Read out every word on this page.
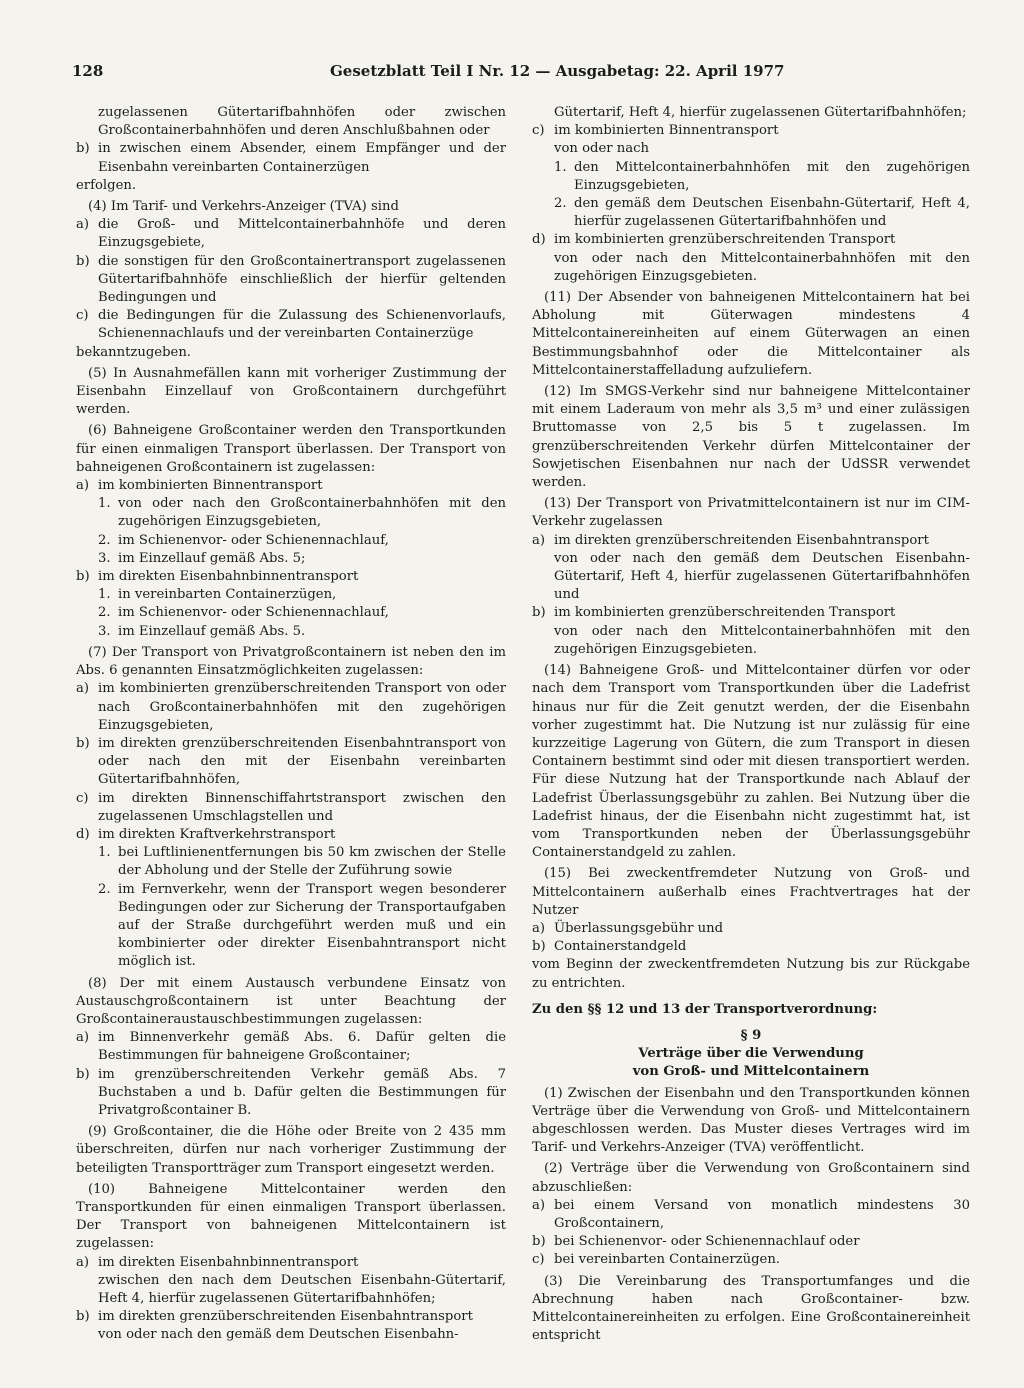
128	Gesetzblatt Teil I Nr. 12 — Ausgabetag: 22. April 1977

zugelassenen Gütertarifbahnhöfen oder zwischen Großcontainerbahnhöfen und deren Anschlußbahnen oder

b) in zwischen einem Absender, einem Empfänger und der Eisenbahn vereinbarten Containerzügen

erfolgen.

(4) Im Tarif- und Verkehrs-Anzeiger (TVA) sind

a) die Groß- und Mittelcontainerbahnhöfe und deren Einzugsgebiete,
b) die sonstigen für den Großcontainertransport zugelassenen Gütertarifbahnhöfe einschließlich der hierfür geltenden Bedingungen und
c) die Bedingungen für die Zulassung des Schienenvorlaufs, Schienennachlaufs und der vereinbarten Containerzüge

bekanntzugeben.

(5) In Ausnahmefällen kann mit vorheriger Zustimmung der Eisenbahn Einzellauf von Großcontainern durchgeführt werden.

(6) Bahneigene Großcontainer werden den Transportkunden für einen einmaligen Transport überlassen. Der Transport von bahneigenen Großcontainern ist zugelassen:

a) im kombinierten Binnentransport
1. von oder nach den Großcontainerbahnhöfen mit den zugehörigen Einzugsgebieten,
2. im Schienenvor- oder Schienennachlauf,
3. im Einzellauf gemäß Abs. 5;
b) im direkten Eisenbahnbinnentransport
1. in vereinbarten Containerzügen,
2. im Schienenvor- oder Schienennachlauf,
3. im Einzellauf gemäß Abs. 5.

(7) Der Transport von Privatgroßcontainern ist neben den im Abs. 6 genannten Einsatzmöglichkeiten zugelassen:

a) im kombinierten grenzüberschreitenden Transport von oder nach Großcontainerbahnhöfen mit den zugehörigen Einzugsgebieten,
b) im direkten grenzüberschreitenden Eisenbahntransport von oder nach den mit der Eisenbahn vereinbarten Gütertarifbahnhöfen,
c) im direkten Binnenschiffahrtstransport zwischen den zugelassenen Umschlagstellen und
d) im direkten Kraftverkehrstransport
1. bei Luftlinienentfernungen bis 50 km zwischen der Stelle der Abholung und der Stelle der Zuführung sowie
2. im Fernverkehr, wenn der Transport wegen besonderer Bedingungen oder zur Sicherung der Transportaufgaben auf der Straße durchgeführt werden muß und ein kombinierter oder direkter Eisenbahntransport nicht möglich ist.

(8) Der mit einem Austausch verbundene Einsatz von Austauschgroßcontainern ist unter Beachtung der Großcontaineraustauschbestimmungen zugelassen:

a) im Binnenverkehr gemäß Abs. 6. Dafür gelten die Bestimmungen für bahneigene Großcontainer;
b) im grenzüberschreitenden Verkehr gemäß Abs. 7 Buchstaben a und b. Dafür gelten die Bestimmungen für Privatgroßcontainer B.

(9) Großcontainer, die die Höhe oder Breite von 2 435 mm überschreiten, dürfen nur nach vorheriger Zustimmung der beteiligten Transportträger zum Transport eingesetzt werden.

(10) Bahneigene Mittelcontainer werden den Transportkunden für einen einmaligen Transport überlassen. Der Transport von bahneigenen Mittelcontainern ist zugelassen:

a) im direkten Eisenbahnbinnentransport

zwischen den nach dem Deutschen Eisenbahn-Gütertarif, Heft 4, hierfür zugelassenen Gütertarifbahnhöfen;

b) im direkten grenzüberschreitenden Eisenbahntransport

von oder nach den gemäß dem Deutschen Eisenbahn-

Gütertarif, Heft 4, hierfür zugelassenen Gütertarifbahnhöfen;

c) im kombinierten Binnentransport

von oder nach

1. den Mittelcontainerbahnhöfen mit den zugehörigen Einzugsgebieten,
2. den gemäß dem Deutschen Eisenbahn-Gütertarif, Heft 4, hierfür zugelassenen Gütertarifbahnhöfen und
d) im kombinierten grenzüberschreitenden Transport

von oder nach den Mittelcontainerbahnhöfen mit den zugehörigen Einzugsgebieten.

(11) Der Absender von bahneigenen Mittelcontainern hat bei Abholung mit Güterwagen mindestens 4 Mittelcontainereinheiten auf einem Güterwagen an einen Bestimmungsbahnhof oder die Mittelcontainer als Mittelcontainerstaffelladung aufzuliefern.

(12) Im SMGS-Verkehr sind nur bahneigene Mittelcontainer mit einem Laderaum von mehr als 3,5 m³ und einer zulässigen Bruttomasse von 2,5 bis 5 t zugelassen. Im grenzüberschreitenden Verkehr dürfen Mittelcontainer der Sowjetischen Eisenbahnen nur nach der UdSSR verwendet werden.

(13) Der Transport von Privatmittelcontainern ist nur im CIM-Verkehr zugelassen

a) im direkten grenzüberschreitenden Eisenbahntransport

von oder nach den gemäß dem Deutschen Eisenbahn-Gütertarif, Heft 4, hierfür zugelassenen Gütertarifbahnhöfen und

b) im kombinierten grenzüberschreitenden Transport

von oder nach den Mittelcontainerbahnhöfen mit den zugehörigen Einzugsgebieten.

(14) Bahneigene Groß- und Mittelcontainer dürfen vor oder nach dem Transport vom Transportkunden über die Ladefrist hinaus nur für die Zeit genutzt werden, der die Eisenbahn vorher zugestimmt hat. Die Nutzung ist nur zulässig für eine kurzzeitige Lagerung von Gütern, die zum Transport in diesen Containern bestimmt sind oder mit diesen transportiert werden. Für diese Nutzung hat der Transportkunde nach Ablauf der Ladefrist Überlassungsgebühr zu zahlen. Bei Nutzung über die Ladefrist hinaus, der die Eisenbahn nicht zugestimmt hat, ist vom Transportkunden neben der Überlassungsgebühr Containerstandgeld zu zahlen.

(15) Bei zweckentfremdeter Nutzung von Groß- und Mittelcontainern außerhalb eines Frachtvertrages hat der Nutzer

a) Überlassungsgebühr und
b) Containerstandgeld

vom Beginn der zweckentfremdeten Nutzung bis zur Rückgabe zu entrichten.

Zu den §§ 12 und 13 der Transportverordnung:

§ 9

Verträge über die Verwendung

von Groß- und Mittelcontainern

(1) Zwischen der Eisenbahn und den Transportkunden können Verträge über die Verwendung von Groß- und Mittelcontainern abgeschlossen werden. Das Muster dieses Vertrages wird im Tarif- und Verkehrs-Anzeiger (TVA) veröffentlicht.

(2) Verträge über die Verwendung von Großcontainern sind abzuschließen:

a) bei einem Versand von monatlich mindestens 30 Großcontainern,
b) bei Schienenvor- oder Schienennachlauf oder
c) bei vereinbarten Containerzügen.

(3) Die Vereinbarung des Transportumfanges und die Abrechnung haben nach Großcontainer- bzw. Mittelcontainereinheiten zu erfolgen. Eine Großcontainereinheit entspricht
